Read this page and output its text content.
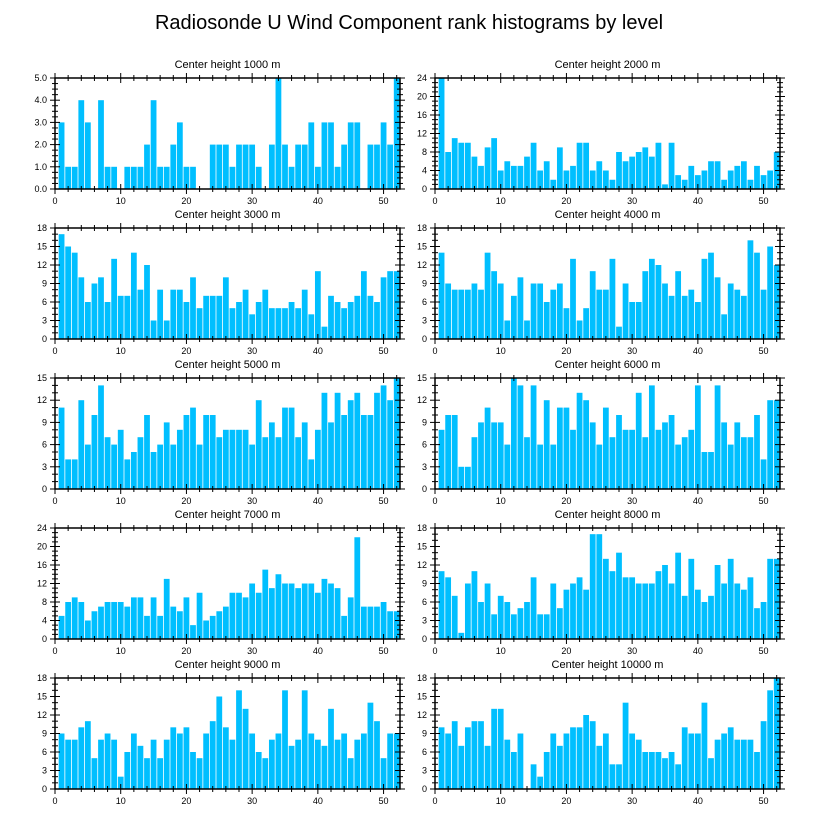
Radiosonde U Wind Component rank histograms by level
Center height 1000 m
0.0
1.0
2.0
3.0
4.0
5.0
0	10	20	30	40	50
Center height 2000 m
0
4
8
12
16
20
24
0	10	20	30	40	50
Center height 3000 m
0
3
6
9
12
15
18
0	10	20	30	40	50
Center height 4000 m
0
3
6
9
12
15
18
0	10	20	30	40	50
Center height 5000 m
0
3
6
9
12
15
0	10	20	30	40	50
Center height 6000 m
0
3
6
9
12
15
0	10	20	30	40	50
Center height 7000 m
0
4
8
12
16
20
24
0	10	20	30	40	50
Center height 8000 m
0
3
6
9
12
15
18
0	10	20	30	40	50
Center height 9000 m
0
3
6
9
12
15
18
0	10	20	30	40	50
Center height 10000 m
0
3
6
9
12
15
18
0	10	20	30	40	50
